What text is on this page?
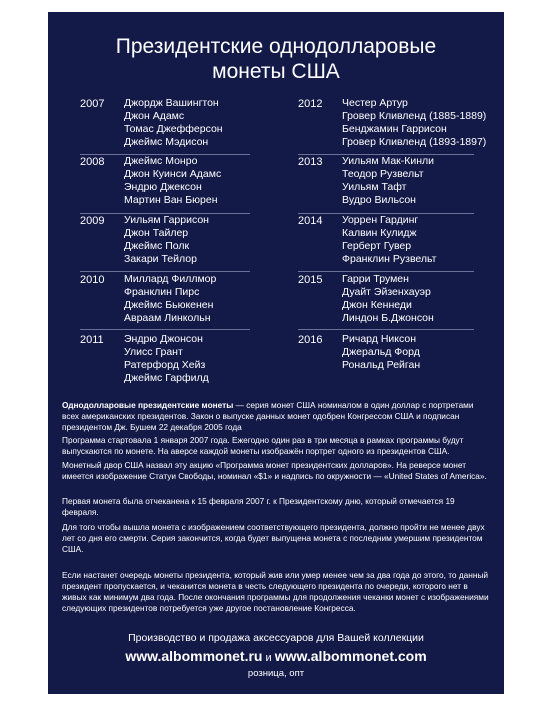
Президентские однодолларовые
монеты США
2007 Джордж Вашингтон
Джон Адамс
Томас Джефферсон
Джеймс Мэдисон
2008 Джеймс Монро
Джон Куинси Адамс
Эндрю Джексон
Мартин Ван Бюрен
2009 Уильям Гаррисон
Джон Тайлер
Джеймс Полк
Закари Тейлор
2010 Миллард Филлмор
Франклин Пирс
Джеймс Бьюкенен
Авраам Линкольн
2011 Эндрю Джонсон
Улисс Грант
Ратерфорд Хейз
Джеймс Гарфилд
2012 Честер Артур
Гровер Кливленд (1885-1889)
Бенджамин Гаррисон
Гровер Кливленд (1893-1897)
2013 Уильям Мак-Кинли
Теодор Рузвельт
Уильям Тафт
Вудро Вильсон
2014 Уоррен Гардинг
Калвин Кулидж
Герберт Гувер
Франклин Рузвельт
2015 Гарри Трумен
Дуайт Эйзенхауэр
Джон Кеннеди
Линдон Б.Джонсон
2016 Ричард Никсон
Джеральд Форд
Рональд Рейган

Однодолларовые президентские монеты — серия монет США номиналом в один доллар с портретами всех американских президентов. Закон о выпуске данных монет одобрен Конгрессом США и подписан президентом Дж. Бушем 22 декабря 2005 года

Программа стартовала 1 января 2007 года. Ежегодно один раз в три месяца в рамках программы будут выпускаются по монете. На аверсе каждой монеты изображён портрет одного из президентов США.

Монетный двор США назвал эту акцию «Программа монет президентских долларов». На реверсе монет имеется изображение Статуи Свободы, номинал «$1» и надпись по окружности — «United States of America».

Первая монета была отчеканена к 15 февраля 2007 г. к Президентскому дню, который отмечается 19 февраля.

Для того чтобы вышла монета с изображением соответствующего президента, должно пройти не менее двух лет со дня его смерти. Серия закончится, когда будет выпущена монета с последним умершим президентом США.

Если настанет очередь монеты президента, который жив или умер менее чем за два года до этого, то данный президент пропускается, и чеканится монета в честь следующего президента по очереди, которого нет в живых как минимум два года. После окончания программы для продолжения чеканки монет с изображениями следующих президентов потребуется уже другое постановление Конгресса.

Производство и продажа аксессуаров для Вашей коллекции
www.albommonet.ru и www.albommonet.com
розница, опт
